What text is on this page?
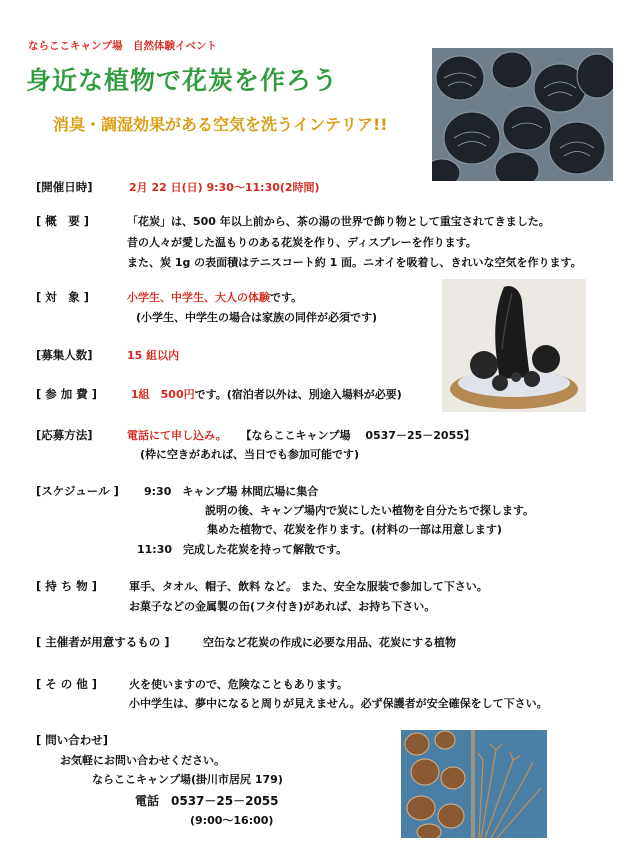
ならここキャンプ場　自然体験イベント
身近な植物で花炭を作ろう
消臭・調湿効果がある空気を洗うインテリア!!
[開催日時]	2月 22 日(日) 9:30～11:30(2時間)
[ 概　要 ]	「花炭」は、500 年以上前から、茶の湯の世界で飾り物として重宝されてきました。
昔の人々が愛した温もりのある花炭を作り、ディスプレーを作ります。
また、炭 1g の表面積はテニスコート約 1 面。ニオイを吸着し、きれいな空気を作ります。
[ 対　象 ]	小学生、中学生、大人の体験です。
(小学生、中学生の場合は家族の同伴が必須です)
[募集人数]	15 組以内
[ 参 加 費 ]	1組　500円です。(宿泊者以外は、別途入場料が必要)
[応募方法]	電話にて申し込み。 【ならここキャンプ場　 0537－25－2055】
(枠に空きがあれば、当日でも参加可能です)
[スケジュール ] 9:30　キャンプ場 林間広場に集合
説明の後、キャンプ場内で炭にしたい植物を自分たちで探します。
集めた植物で、花炭を作ります。(材料の一部は用意します)
11:30　完成した花炭を持って解散です。
[ 持 ち 物 ]	軍手、タオル、帽子、飲料 など。 また、安全な服装で参加して下さい。
お菓子などの金属製の缶(フタ付き)があれば、お持ち下さい。
[ 主催者が用意するもの ]	空缶など花炭の作成に必要な用品、花炭にする植物
[ そ の 他 ]	火を使いますので、危険なこともあります。
小中学生は、夢中になると周りが見えません。必ず保護者が安全確保をして下さい。
[ 問い合わせ]
お気軽にお問い合わせください。
ならここキャンプ場(掛川市居尻 179)
電話　0537－25－2055
(9:00～16:00)
